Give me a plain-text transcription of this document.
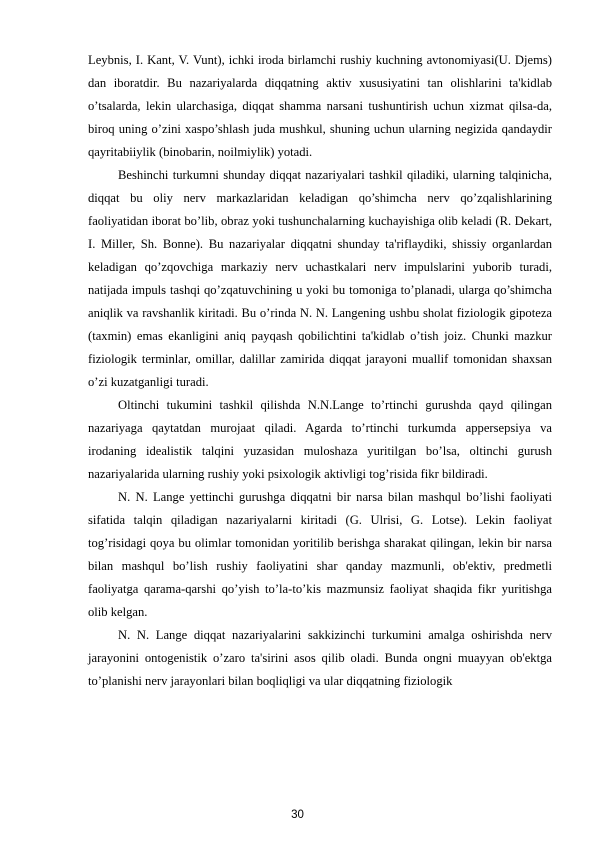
Leybnis, I. Kant, V. Vunt), ichki iroda birlamchi rushiy kuchning avtonomiyasi(U. Djems) dan iboratdir. Bu nazariyalarda diqqatning aktiv xususiyatini tan olishlarini ta'kidlab o’tsalarda, lekin ularchasiga, diqqat shamma narsani tushuntirish uchun xizmat qilsa-da, biroq uning o’zini xaspo’shlash juda mushkul, shuning uchun ularning negizida qandaydir qayritabiiylik (binobarin, noilmiylik) yotadi.

Beshinchi turkumni shunday diqqat nazariyalari tashkil qiladiki, ularning talqinicha, diqqat bu oliy nerv markazlaridan keladigan qo’shimcha nerv qo’zqalishlarining faoliyatidan iborat bo’lib, obraz yoki tushunchalarning kuchayishiga olib keladi (R. Dekart, I. Miller, Sh. Bonne). Bu nazariyalar diqqatni shunday ta'riflaydiki, shissiy organlardan keladigan qo’zqovchiga markaziy nerv uchastkalari nerv impulslarini yuborib turadi, natijada impuls tashqi qo’zqatuvchining u yoki bu tomoniga to’planadi, ularga qo’shimcha aniqlik va ravshanlik kiritadi. Bu o’rinda N. N. Langening ushbu sholat fiziologik gipoteza (taxmin) emas ekanligini aniq payqash qobilichtini ta'kidlab o’tish joiz. Chunki mazkur fiziologik terminlar, omillar, dalillar zamirida diqqat jarayoni muallif tomonidan shaxsan o’zi kuzatganligi turadi.

Oltinchi tukumini tashkil qilishda N.N.Lange to’rtinchi gurushda qayd qilingan nazariyaga qaytatdan murojaat qiladi. Agarda to’rtinchi turkumda appersepsiya va irodaning idealistik talqini yuzasidan muloshaza yuritilgan bo’lsa, oltinchi gurush nazariyalarida ularning rushiy yoki psixologik aktivligi tog’risida fikr bildiradi.

N. N. Lange yettinchi gurushga diqqatni bir narsa bilan mashqul bo’lishi faoliyati sifatida talqin qiladigan nazariyalarni kiritadi (G. Ulrisi, G. Lotse). Lekin faoliyat tog’risidagi qoya bu olimlar tomonidan yoritilib berishga sharakat qilingan, lekin bir narsa bilan mashqul bo’lish rushiy faoliyatini shar qanday mazmunli, ob'ektiv, predmetli faoliyatga qarama-qarshi qo’yish to’la-to’kis mazmunsiz faoliyat shaqida fikr yuritishga olib kelgan.

N. N. Lange diqqat nazariyalarini sakkizinchi turkumini amalga oshirishda nerv jarayonini ontogenistik o’zaro ta'sirini asos qilib oladi. Bunda ongni muayyan ob'ektga to’planishi nerv jarayonlari bilan boqliqligi va ular diqqatning fiziologik

30
